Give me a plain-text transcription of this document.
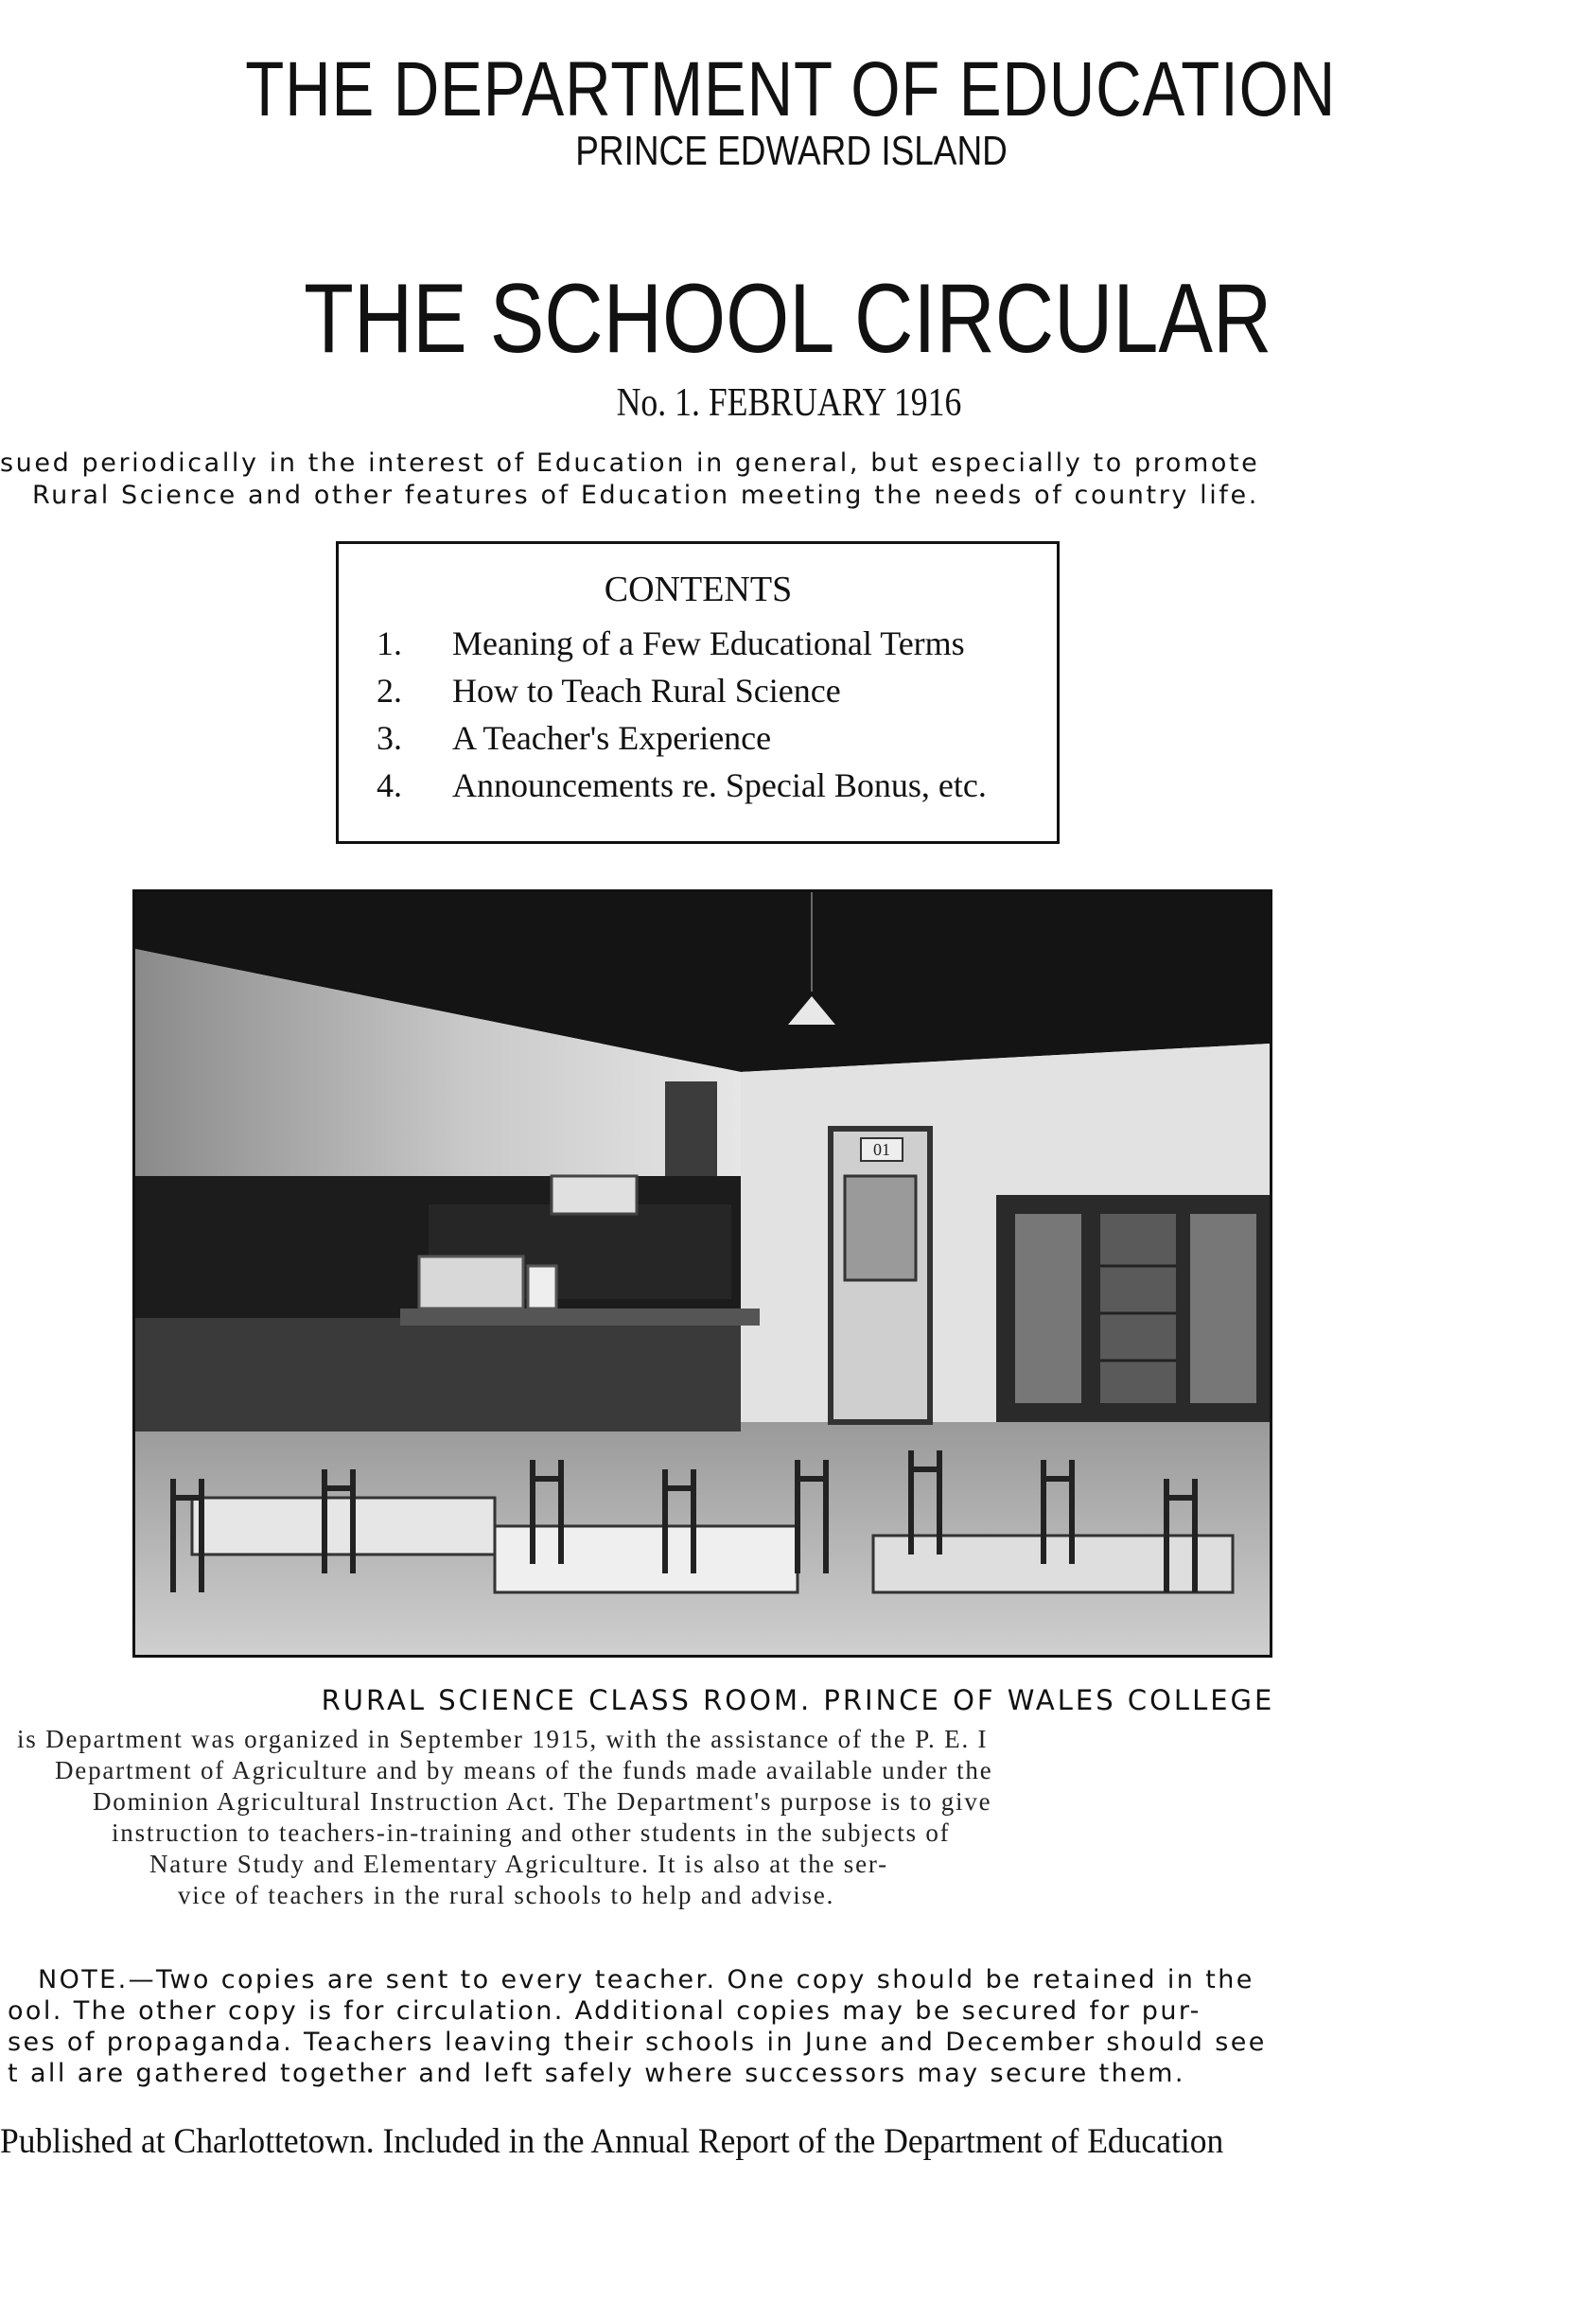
THE DEPARTMENT OF EDUCATION
PRINCE EDWARD ISLAND
THE SCHOOL CIRCULAR
No. 1. FEBRUARY 1916
sued periodically in the interest of Education in general, but especially to promote
Rural Science and other features of Education meeting the needs of country life.
CONTENTS
1. Meaning of a Few Educational Terms
2. How to Teach Rural Science
3. A Teacher's Experience
4. Announcements re. Special Bonus, etc.
01
RURAL SCIENCE CLASS ROOM. PRINCE OF WALES COLLEGE
is Department was organized in September 1915, with the assistance of the P. E. I
Department of Agriculture and by means of the funds made available under the
Dominion Agricultural Instruction Act. The Department's purpose is to give
instruction to teachers-in-training and other students in the subjects of
Nature Study and Elementary Agriculture. It is also at the ser-
vice of teachers in the rural schools to help and advise.
NOTE.—Two copies are sent to every teacher. One copy should be retained in the
ool. The other copy is for circulation. Additional copies may be secured for pur-
ses of propaganda. Teachers leaving their schools in June and December should see
t all are gathered together and left safely where successors may secure them.
Published at Charlottetown. Included in the Annual Report of the Department of Education
